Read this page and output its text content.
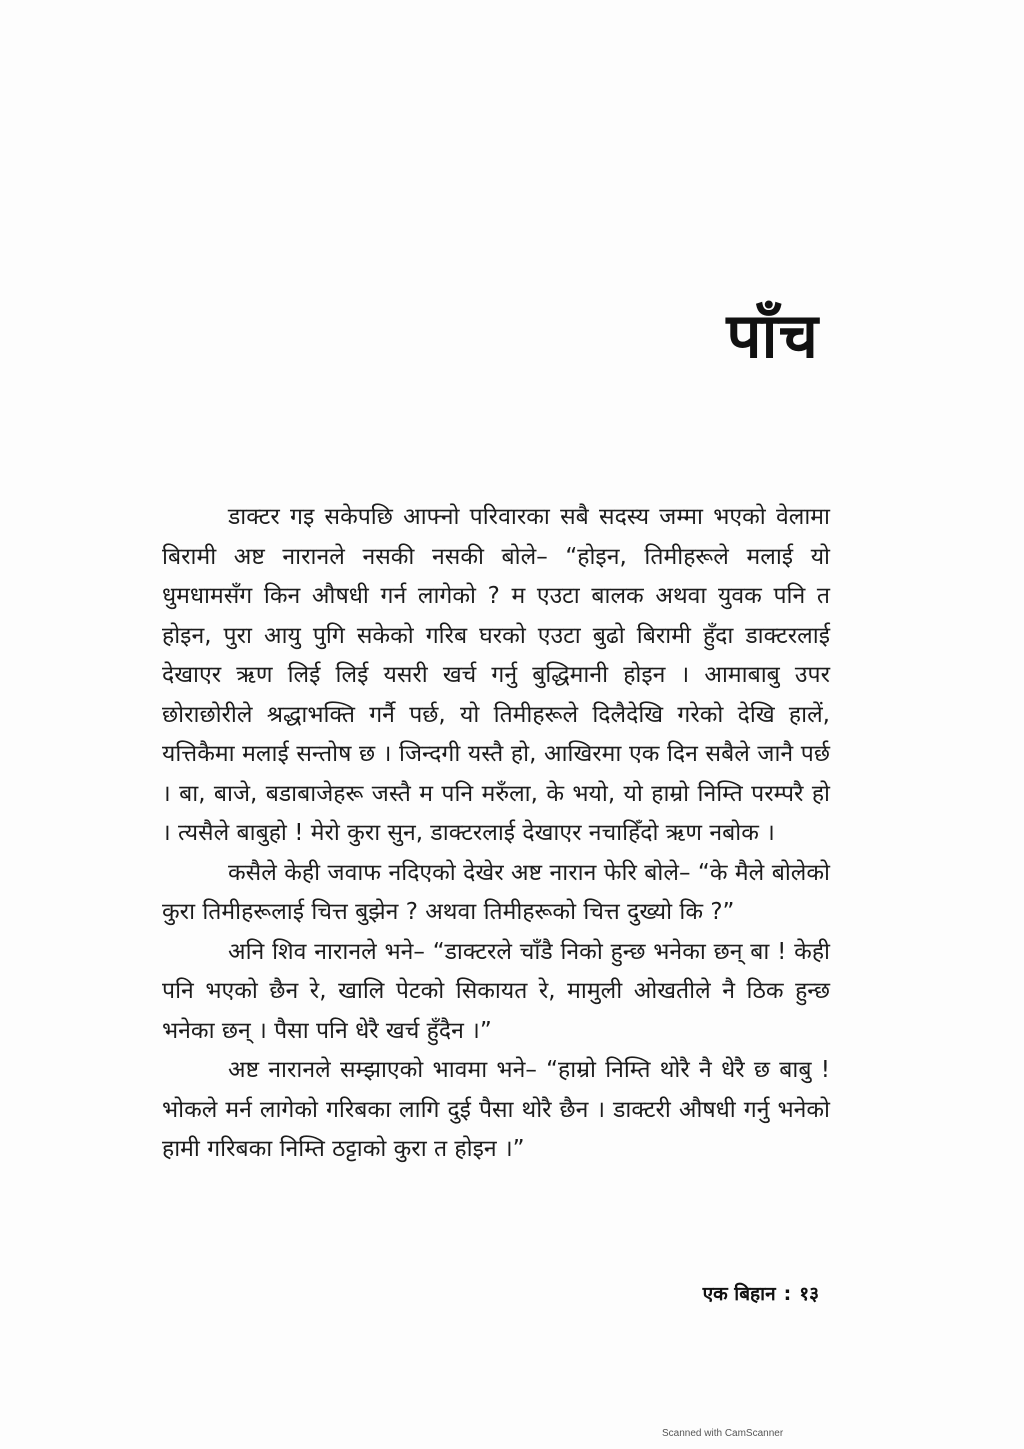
पाँच

डाक्टर गइ सकेपछि आफ्नो परिवारका सबै सदस्य जम्मा भएको वेलामा बिरामी अष्ट नारानले नसकी नसकी बोले– “होइन, तिमीहरूले मलाई यो धुमधामसँग किन औषधी गर्न लागेको ? म एउटा बालक अथवा युवक पनि त होइन, पुरा आयु पुगि सकेको गरिब घरको एउटा बुढो बिरामी हुँदा डाक्टरलाई देखाएर ऋण लिई लिई यसरी खर्च गर्नु बुद्धिमानी होइन । आमाबाबु उपर छोराछोरीले श्रद्धाभक्ति गर्नै पर्छ, यो तिमीहरूले दिलैदेखि गरेको देखि हालें, यत्तिकैमा मलाई सन्तोष छ । जिन्दगी यस्तै हो, आखिरमा एक दिन सबैले जानै पर्छ । बा, बाजे, बडाबाजेहरू जस्तै म पनि मरुँला, के भयो, यो हाम्रो निम्ति परम्परै हो । त्यसैले बाबुहो ! मेरो कुरा सुन, डाक्टरलाई देखाएर नचाहिँदो ऋण नबोक ।

कसैले केही जवाफ नदिएको देखेर अष्ट नारान फेरि बोले– “के मैले बोलेको कुरा तिमीहरूलाई चित्त बुझेन ? अथवा तिमीहरूको चित्त दुख्यो कि ?”

अनि शिव नारानले भने– “डाक्टरले चाँडै निको हुन्छ भनेका छन् बा ! केही पनि भएको छैन रे, खालि पेटको सिकायत रे, मामुली ओखतीले नै ठिक हुन्छ भनेका छन् । पैसा पनि धेरै खर्च हुँदैन ।”

अष्ट नारानले सम्झाएको भावमा भने– “हाम्रो निम्ति थोरै नै धेरै छ बाबु ! भोकले मर्न लागेको गरिबका लागि दुई पैसा थोरै छैन । डाक्टरी औषधी गर्नु भनेको हामी गरिबका निम्ति ठट्टाको कुरा त होइन ।”

एक बिहान : १३
Scanned with CamScanner
